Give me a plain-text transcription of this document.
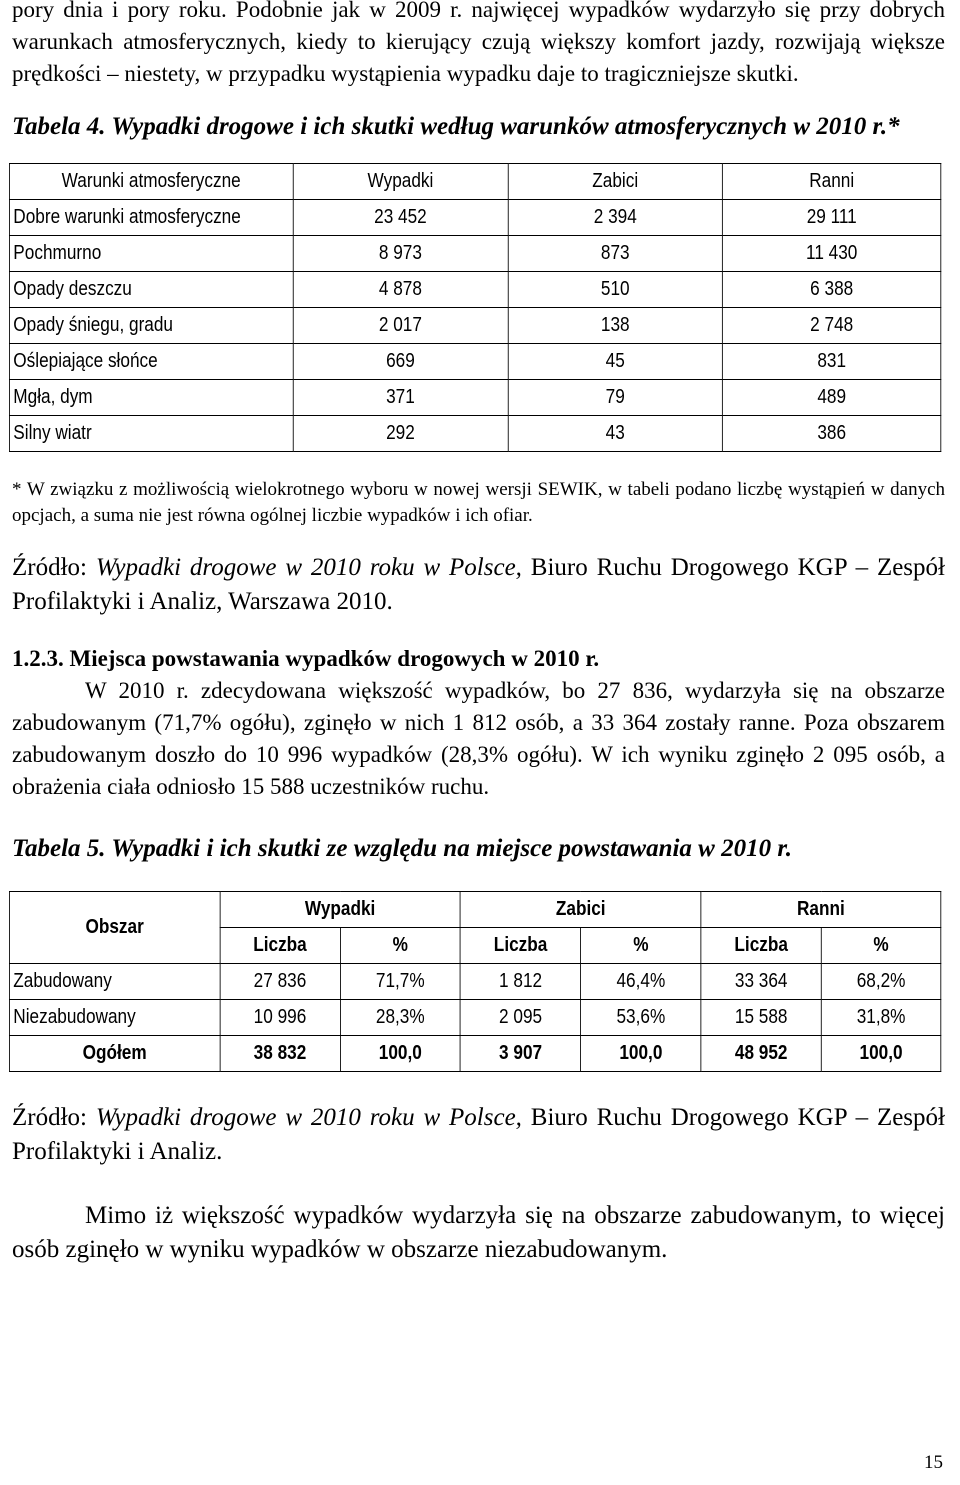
pory dnia i pory roku. Podobnie jak w 2009 r. najwięcej wypadków wydarzyło się przy dobrych warunkach atmosferycznych, kiedy to kierujący czują większy komfort jazdy, rozwijają większe prędkości – niestety, w przypadku wystąpienia wypadku daje to tragiczniejsze skutki.

Tabela 4. Wypadki drogowe i ich skutki według warunków atmosferycznych w 2010 r.*

Warunki atmosferyczne	Wypadki	Zabici	Ranni
Dobre warunki atmosferyczne	23 452	2 394	29 111
Pochmurno	8 973	873	11 430
Opady deszczu	4 878	510	6 388
Opady śniegu, gradu	2 017	138	2 748
Oślepiające słońce	669	45	831
Mgła, dym	371	79	489
Silny wiatr	292	43	386

* W związku z możliwością wielokrotnego wyboru w nowej wersji SEWIK, w tabeli podano liczbę wystąpień w danych opcjach, a suma nie jest równa ogólnej liczbie wypadków i ich ofiar.

Źródło: Wypadki drogowe w 2010 roku w Polsce, Biuro Ruchu Drogowego KGP – Zespół Profilaktyki i Analiz, Warszawa 2010.

1.2.3. Miejsca powstawania wypadków drogowych w 2010 r.

W 2010 r. zdecydowana większość wypadków, bo 27 836, wydarzyła się na obszarze zabudowanym (71,7% ogółu), zginęło w nich 1 812 osób, a 33 364 zostały ranne. Poza obszarem zabudowanym doszło do 10 996 wypadków (28,3% ogółu). W ich wyniku zginęło 2 095 osób, a obrażenia ciała odniosło 15 588 uczestników ruchu.

Tabela 5. Wypadki i ich skutki ze względu na miejsce powstawania w 2010 r.

Obszar	Wypadki		Zabici		Ranni	
	Liczba	%	Liczba	%	Liczba	%
Zabudowany	27 836	71,7%	1 812	46,4%	33 364	68,2%
Niezabudowany	10 996	28,3%	2 095	53,6%	15 588	31,8%
Ogółem	38 832	100,0	3 907	100,0	48 952	100,0

Źródło: Wypadki drogowe w 2010 roku w Polsce, Biuro Ruchu Drogowego KGP – Zespół Profilaktyki i Analiz.

Mimo iż większość wypadków wydarzyła się na obszarze zabudowanym, to więcej osób zginęło w wyniku wypadków w obszarze niezabudowanym.

15
